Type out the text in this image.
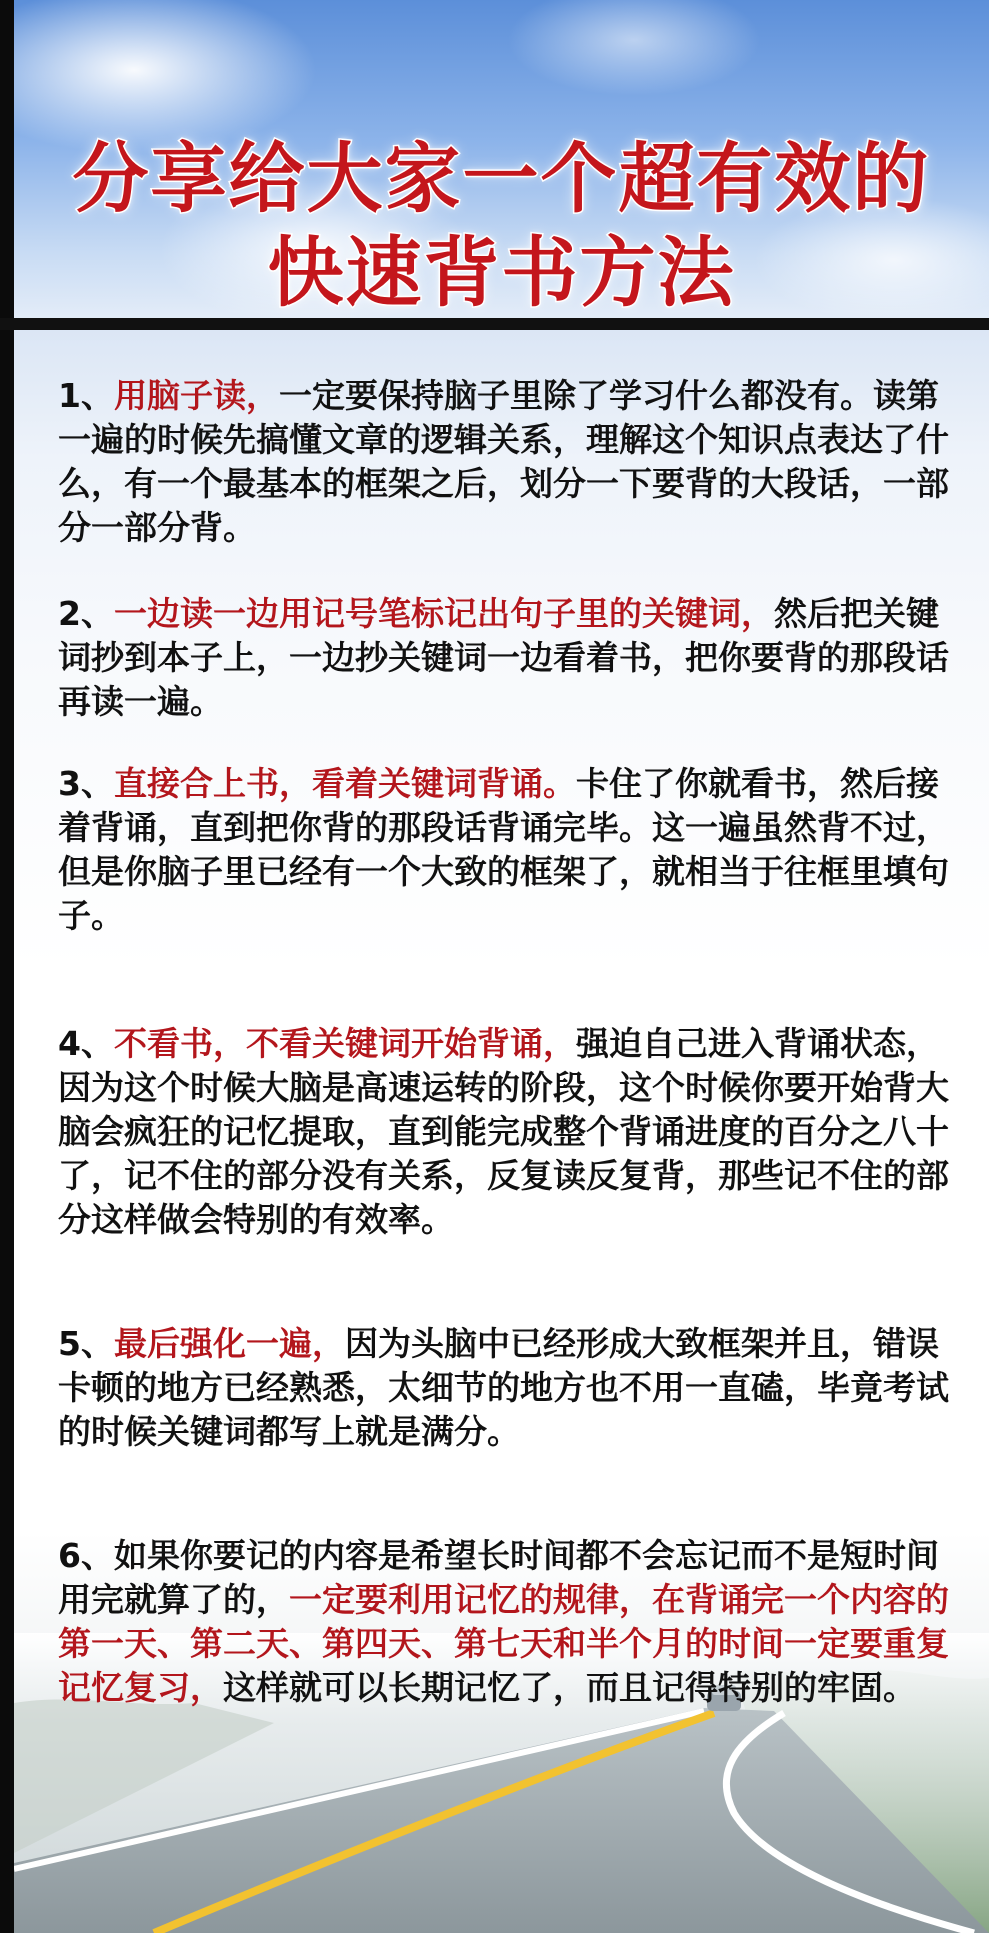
分享给大家一个超有效的
快速背书方法

1、用脑子读，一定要保持脑子里除了学习什么都没有。读第一遍的时候先搞懂文章的逻辑关系，理解这个知识点表达了什么，有一个最基本的框架之后，划分一下要背的大段话，一部分一部分背。

2、一边读一边用记号笔标记出句子里的关键词，然后把关键词抄到本子上，一边抄关键词一边看着书，把你要背的那段话再读一遍。

3、直接合上书，看着关键词背诵。卡住了你就看书，然后接着背诵，直到把你背的那段话背诵完毕。这一遍虽然背不过，但是你脑子里已经有一个大致的框架了，就相当于往框里填句子。

4、不看书，不看关键词开始背诵，强迫自己进入背诵状态，因为这个时候大脑是高速运转的阶段，这个时候你要开始背大脑会疯狂的记忆提取，直到能完成整个背诵进度的百分之八十了，记不住的部分没有关系，反复读反复背，那些记不住的部分这样做会特别的有效率。

5、最后强化一遍，因为头脑中已经形成大致框架并且，错误卡顿的地方已经熟悉，太细节的地方也不用一直磕，毕竟考试的时候关键词都写上就是满分。

6、如果你要记的内容是希望长时间都不会忘记而不是短时间用完就算了的，一定要利用记忆的规律，在背诵完一个内容的第一天、第二天、第四天、第七天和半个月的时间一定要重复记忆复习，这样就可以长期记忆了，而且记得特别的牢固。
